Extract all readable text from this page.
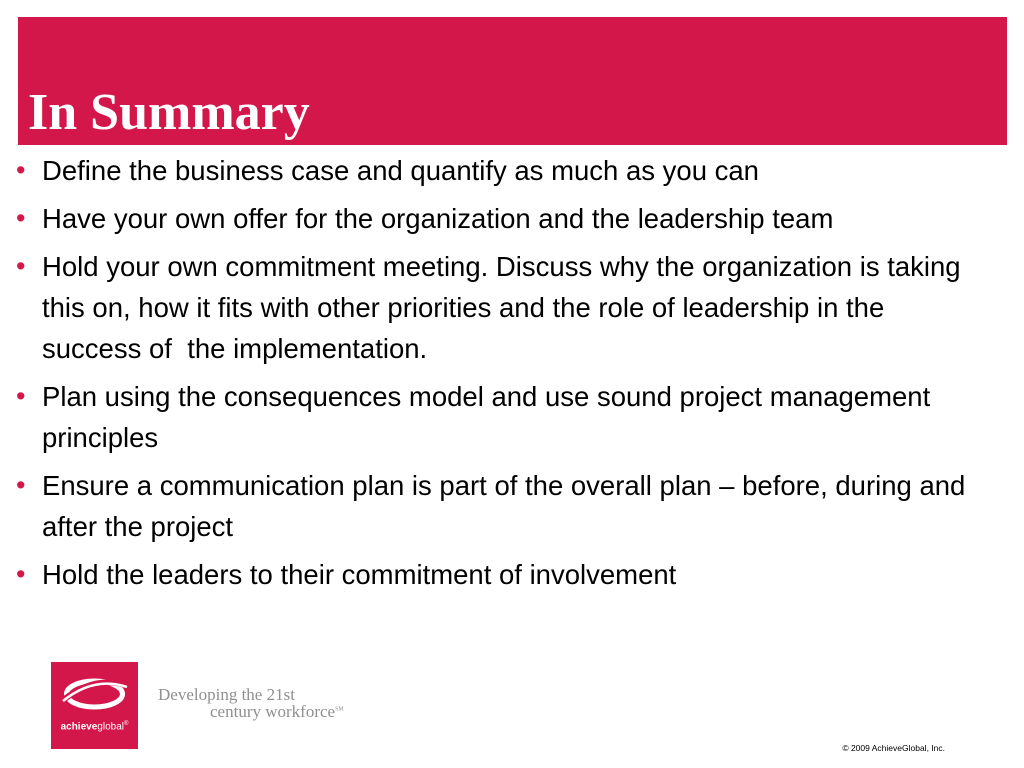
In Summary
• Define the business case and quantify as much as you can
• Have your own offer for the organization and the leadership team
• Hold your own commitment meeting. Discuss why the organization is taking this on, how it fits with other priorities and the role of leadership in the success of  the implementation.
• Plan using the consequences model and use sound project management principles
• Ensure a communication plan is part of the overall plan – before, during and after the project
• Hold the leaders to their commitment of involvement
achieveglobal®
Developing the 21st
century workforce℠
© 2009 AchieveGlobal, Inc.
